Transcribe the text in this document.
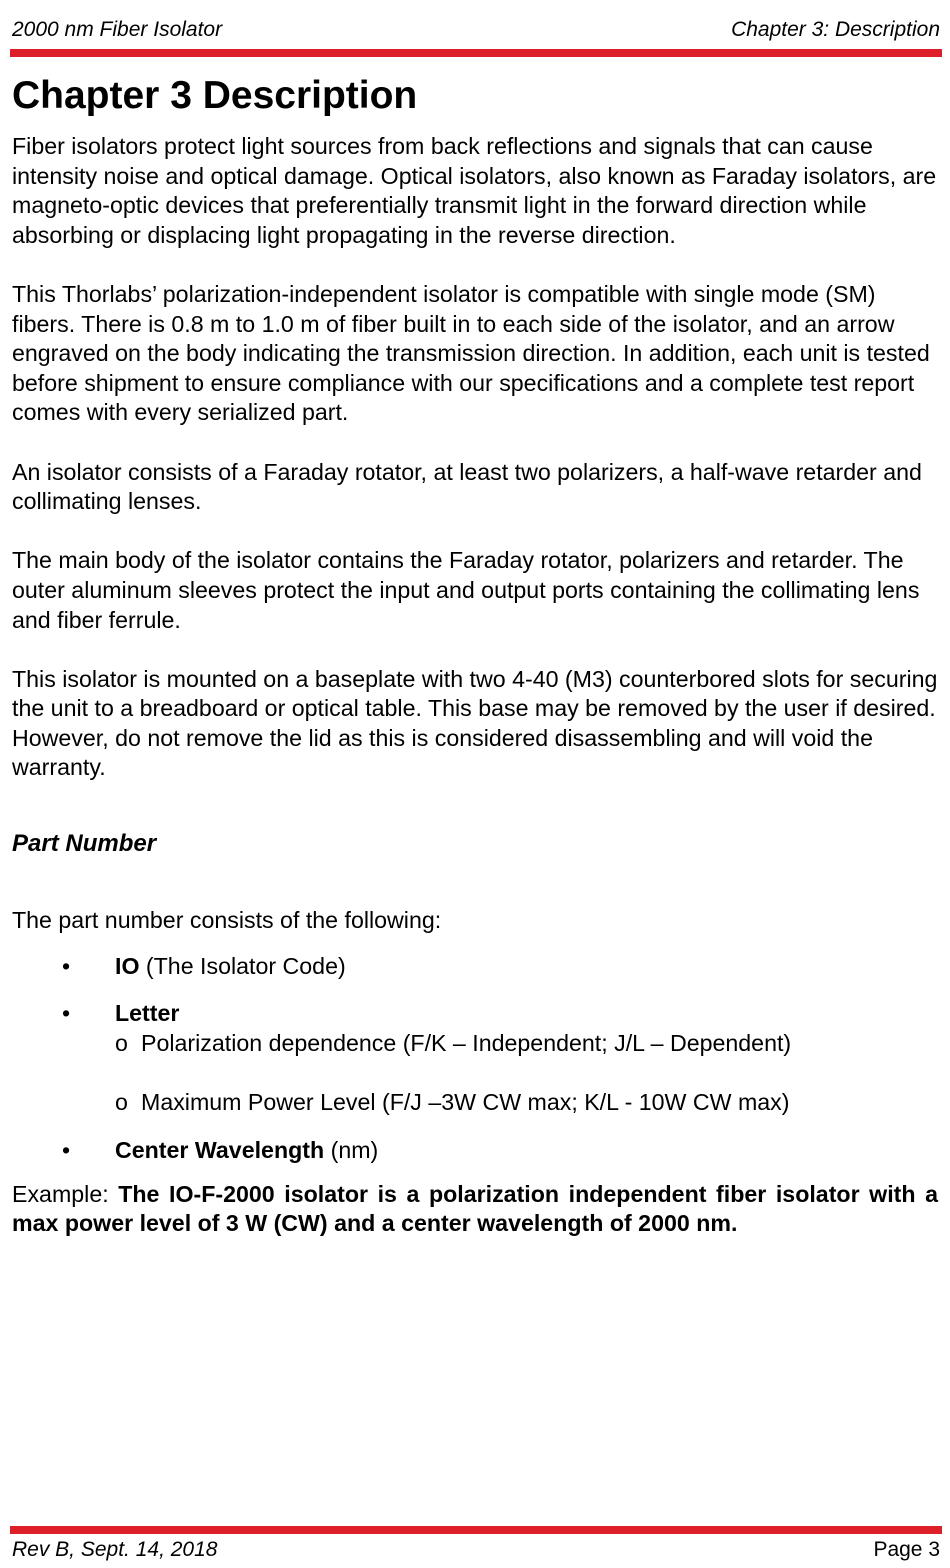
2000 nm Fiber Isolator	Chapter 3: Description
Chapter 3 Description

Fiber isolators protect light sources from back reflections and signals that can cause intensity noise and optical damage. Optical isolators, also known as Faraday isolators, are magneto-optic devices that preferentially transmit light in the forward direction while absorbing or displacing light propagating in the reverse direction.

This Thorlabs’ polarization-independent isolator is compatible with single mode (SM) fibers. There is 0.8 m to 1.0 m of fiber built in to each side of the isolator, and an arrow engraved on the body indicating the transmission direction. In addition, each unit is tested before shipment to ensure compliance with our specifications and a complete test report comes with every serialized part.

An isolator consists of a Faraday rotator, at least two polarizers, a half-wave retarder and collimating lenses.

The main body of the isolator contains the Faraday rotator, polarizers and retarder. The outer aluminum sleeves protect the input and output ports containing the collimating lens and fiber ferrule.

This isolator is mounted on a baseplate with two 4-40 (M3) counterbored slots for securing the unit to a breadboard or optical table. This base may be removed by the user if desired. However, do not remove the lid as this is considered disassembling and will void the warranty.

Part Number

The part number consists of the following:

• IO (The Isolator Code)
• Letter
o Polarization dependence (F/K – Independent; J/L – Dependent)
o Maximum Power Level (F/J –3W CW max; K/L - 10W CW max)
• Center Wavelength (nm)

Example: The IO-F-2000 isolator is a polarization independent fiber isolator with a max power level of 3 W (CW) and a center wavelength of 2000 nm.

Rev B, Sept. 14, 2018	Page 3
